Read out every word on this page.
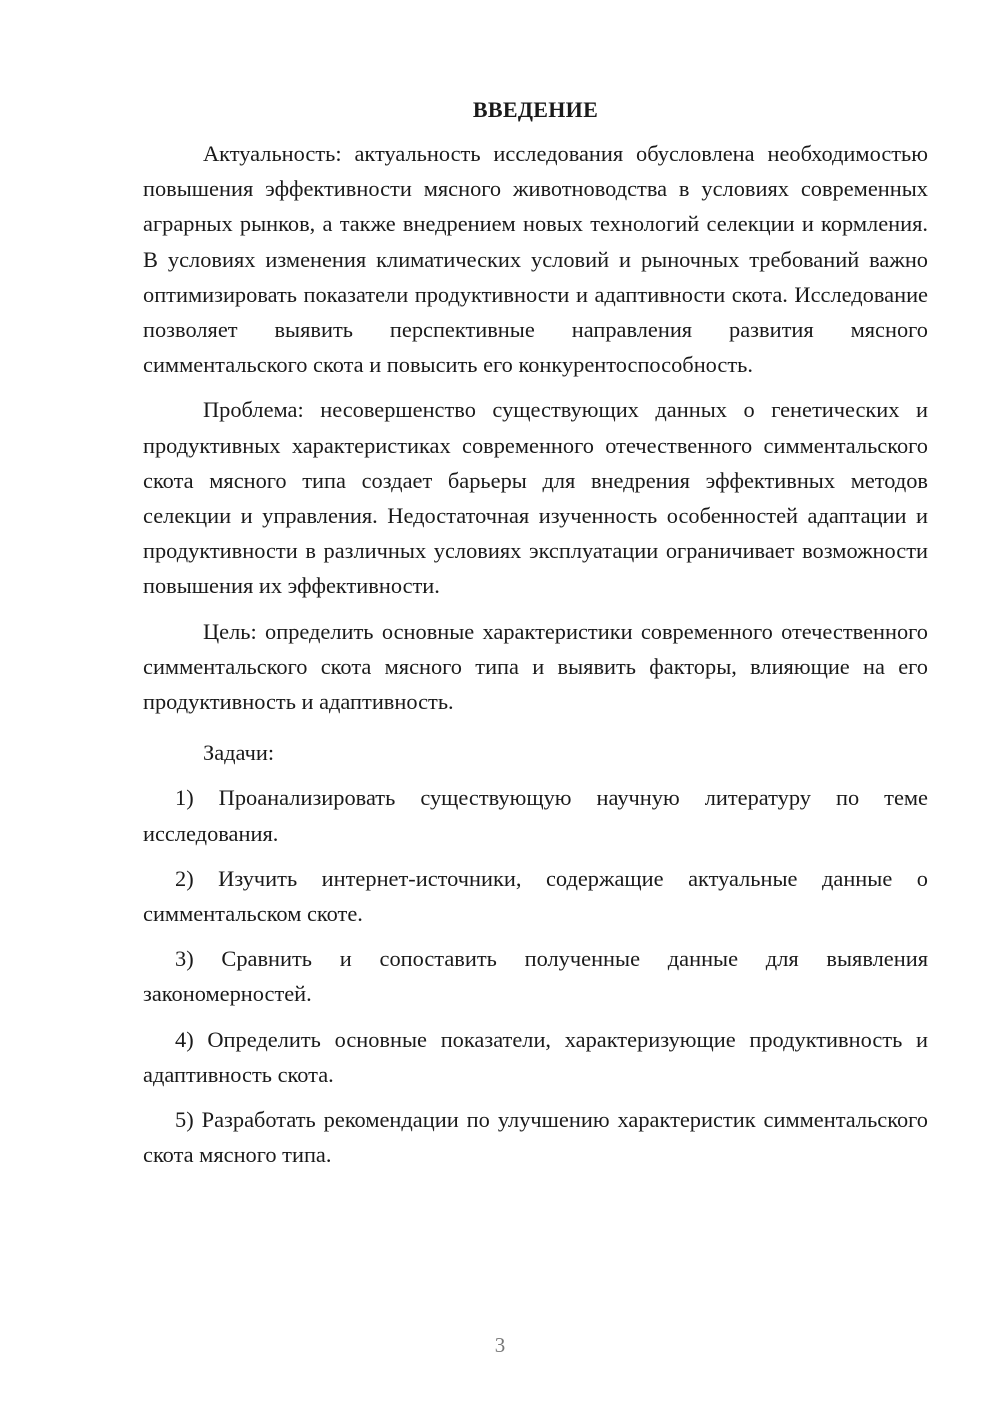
ВВЕДЕНИЕ

Актуальность: актуальность исследования обусловлена необходимостью повышения эффективности мясного животноводства в условиях современных аграрных рынков, а также внедрением новых технологий селекции и кормления. В условиях изменения климатических условий и рыночных требований важно оптимизировать показатели продуктивности и адаптивности скота. Исследование позволяет выявить перспективные направления развития мясного симментальского скота и повысить его конкурентоспособность.

Проблема: несовершенство существующих данных о генетических и продуктивных характеристиках современного отечественного симментальского скота мясного типа создает барьеры для внедрения эффективных методов селекции и управления. Недостаточная изученность особенностей адаптации и продуктивности в различных условиях эксплуатации ограничивает возможности повышения их эффективности.

Цель: определить основные характеристики современного отечественного симментальского скота мясного типа и выявить факторы, влияющие на его продуктивность и адаптивность.

Задачи:

1) Проанализировать существующую научную литературу по теме исследования.

2) Изучить интернет-источники, содержащие актуальные данные о симментальском скоте.

3) Сравнить и сопоставить полученные данные для выявления закономерностей.

4) Определить основные показатели, характеризующие продуктивность и адаптивность скота.

5) Разработать рекомендации по улучшению характеристик симментальского скота мясного типа.

3
